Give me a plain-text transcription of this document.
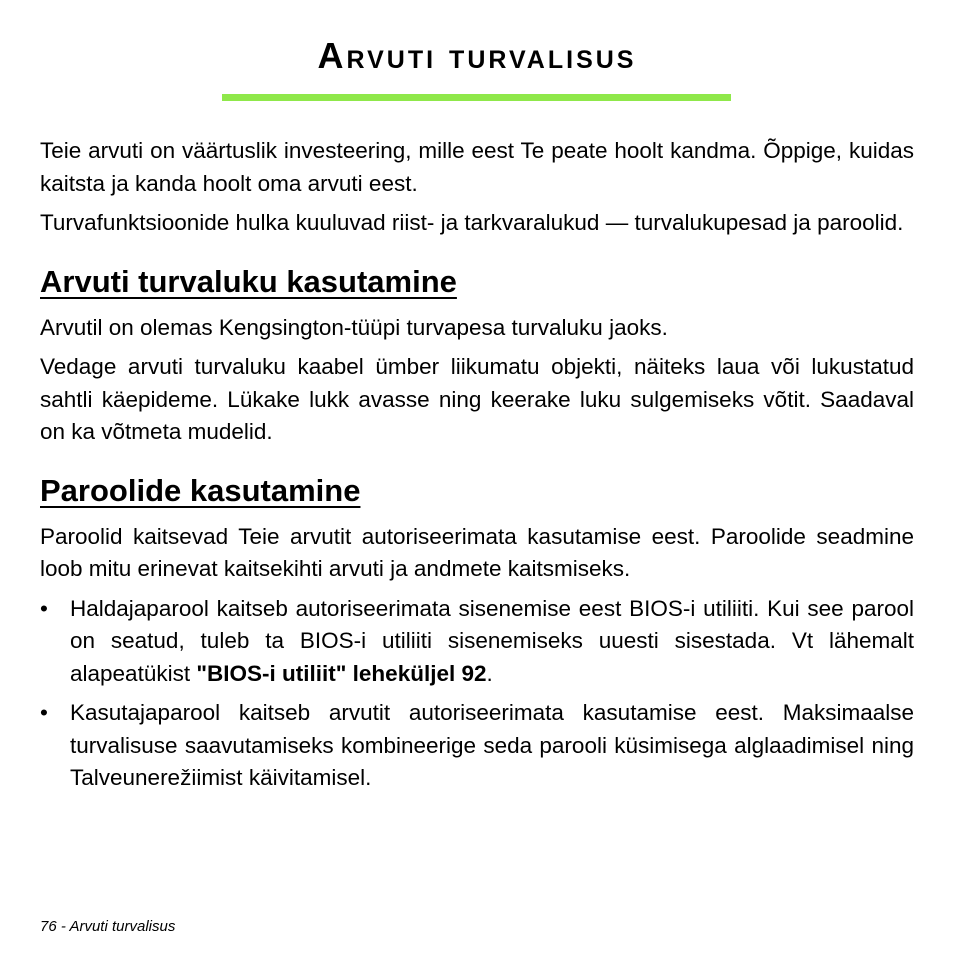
Arvuti turvalisus

Teie arvuti on väärtuslik investeering, mille eest Te peate hoolt kandma. Õppige, kuidas kaitsta ja kanda hoolt oma arvuti eest.

Turvafunktsioonide hulka kuuluvad riist- ja tarkvaralukud — turvalukupesad ja paroolid.

Arvuti turvaluku kasutamine

Arvutil on olemas Kengsington-tüüpi turvapesa turvaluku jaoks.

Vedage arvuti turvaluku kaabel ümber liikumatu objekti, näiteks laua või lukustatud sahtli käepideme. Lükake lukk avasse ning keerake luku sulgemiseks võtit. Saadaval on ka võtmeta mudelid.

Paroolide kasutamine

Paroolid kaitsevad Teie arvutit autoriseerimata kasutamise eest. Paroolide seadmine loob mitu erinevat kaitsekihti arvuti ja andmete kaitsmiseks.

• Haldajaparool kaitseb autoriseerimata sisenemise eest BIOS-i utiliiti. Kui see parool on seatud, tuleb ta BIOS-i utiliiti sisenemiseks uuesti sisestada. Vt lähemalt alapeatükist "BIOS-i utiliit" leheküljel 92.
• Kasutajaparool kaitseb arvutit autoriseerimata kasutamise eest. Maksimaalse turvalisuse saavutamiseks kombineerige seda parooli küsimisega alglaadimisel ning Talveunerežiimist käivitamisel.
76 - Arvuti turvalisus
